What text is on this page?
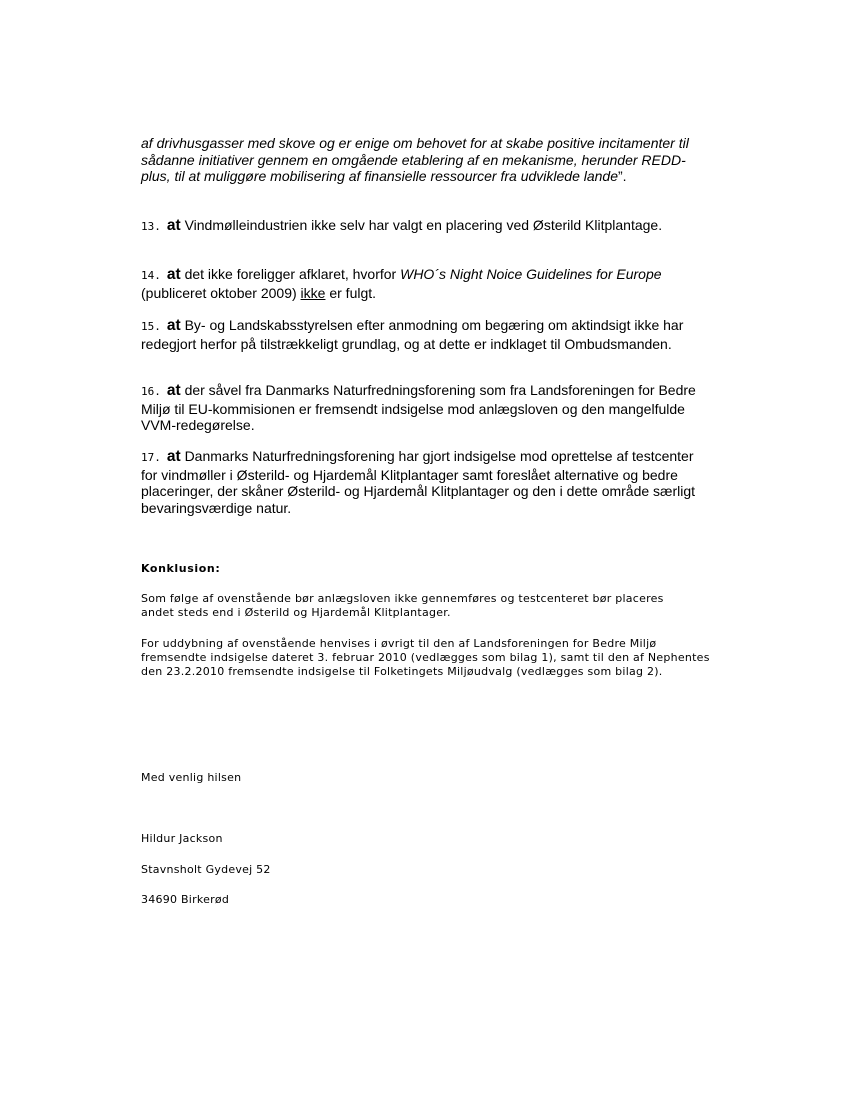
af drivhusgasser med skove og er enige om behovet for at skabe positive incitamenter til sådanne initiativer gennem en omgående etablering af en mekanisme, herunder REDD-plus, til at muliggøre mobilisering af finansielle ressourcer fra udviklede lande”.

13. at Vindmølleindustrien ikke selv har valgt en placering ved Østerild Klitplantage.

14. at det ikke foreligger afklaret, hvorfor WHO´s Night Noice Guidelines for Europe (publiceret oktober 2009) ikke er fulgt.

15. at By- og Landskabsstyrelsen efter anmodning om begæring om aktindsigt ikke har redegjort herfor på tilstrækkeligt grundlag, og at dette er indklaget til Ombudsmanden.

16. at der såvel fra Danmarks Naturfredningsforening som fra Landsforeningen for Bedre Miljø til EU-kommisionen er fremsendt indsigelse mod anlægsloven og den mangelfulde VVM-redegørelse.

17. at Danmarks Naturfredningsforening har gjort indsigelse mod oprettelse af testcenter for vindmøller i Østerild- og Hjardemål Klitplantager samt foreslået alternative og bedre placeringer, der skåner Østerild- og Hjardemål Klitplantager og den i dette område særligt bevaringsværdige natur.

Konklusion:

Som følge af ovenstående bør anlægsloven ikke gennemføres og testcenteret bør placeres andet steds end i Østerild og Hjardemål Klitplantager.

For uddybning af ovenstående henvises i øvrigt til den af Landsforeningen for Bedre Miljø fremsendte indsigelse dateret 3. februar 2010 (vedlægges som bilag 1), samt til den af Nephentes den 23.2.2010 fremsendte indsigelse til Folketingets Miljøudvalg (vedlægges som bilag 2).

Med venlig hilsen

Hildur Jackson

Stavnsholt Gydevej 52

34690 Birkerød
